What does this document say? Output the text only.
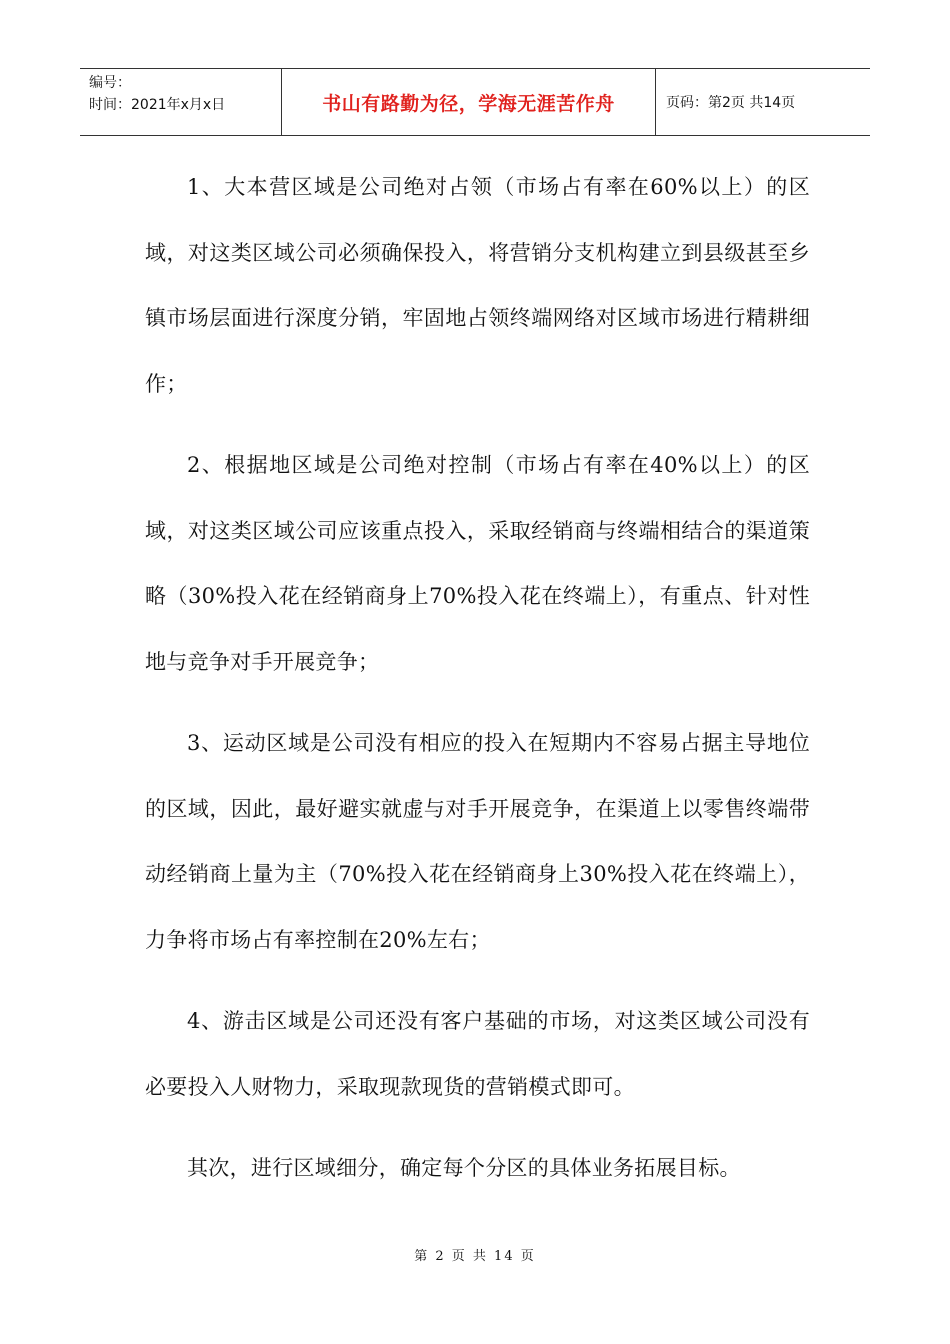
编号：
时间：2021年x月x日	书山有路勤为径，学海无涯苦作舟	页码：第2页 共14页

1、大本营区域是公司绝对占领（市场占有率在60%以上）的区域，对这类区域公司必须确保投入，将营销分支机构建立到县级甚至乡镇市场层面进行深度分销，牢固地占领终端网络对区域市场进行精耕细作；

2、根据地区域是公司绝对控制（市场占有率在40%以上）的区域，对这类区域公司应该重点投入，采取经销商与终端相结合的渠道策略（30%投入花在经销商身上70%投入花在终端上），有重点、针对性地与竞争对手开展竞争；

3、运动区域是公司没有相应的投入在短期内不容易占据主导地位的区域，因此，最好避实就虚与对手开展竞争，在渠道上以零售终端带动经销商上量为主（70%投入花在经销商身上30%投入花在终端上），力争将市场占有率控制在20%左右；

4、游击区域是公司还没有客户基础的市场，对这类区域公司没有必要投入人财物力，采取现款现货的营销模式即可。

其次，进行区域细分，确定每个分区的具体业务拓展目标。

第 2 页 共 14 页
